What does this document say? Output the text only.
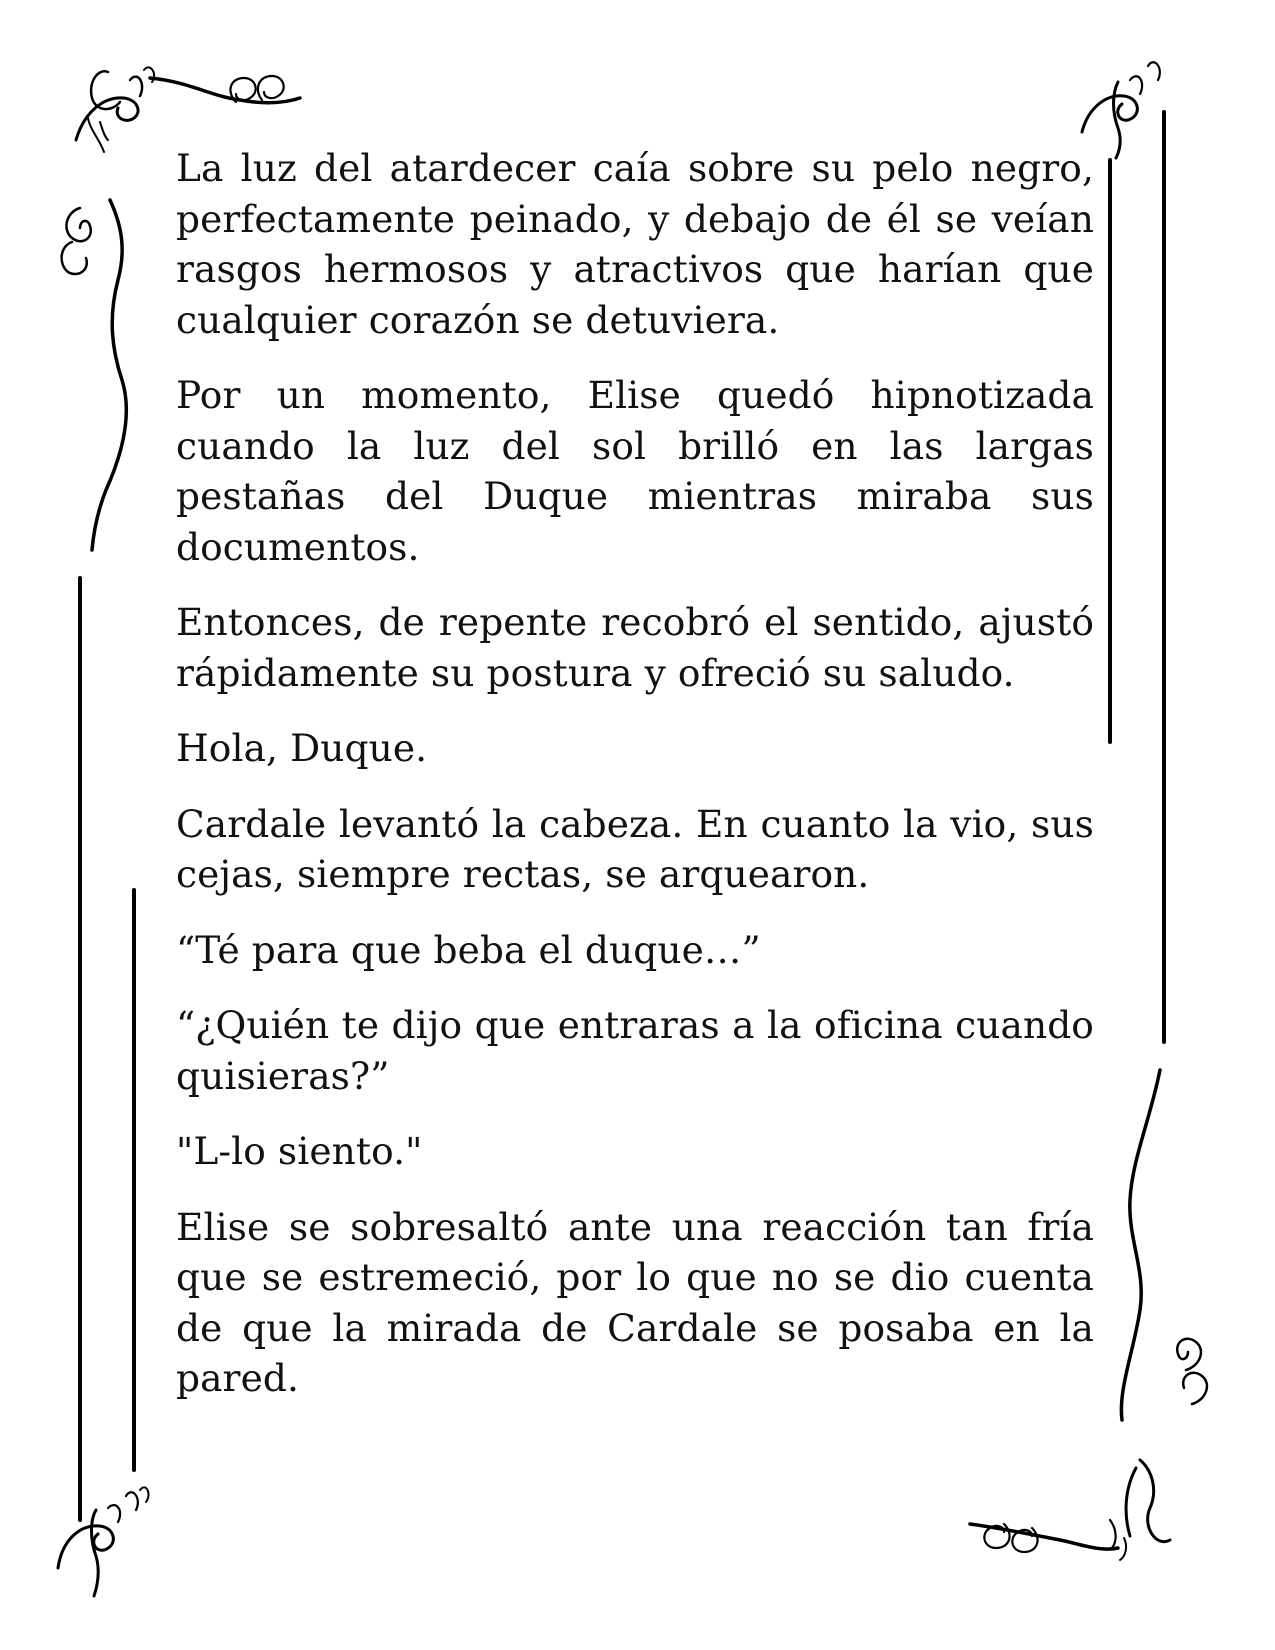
La luz del atardecer caía sobre su pelo negro, perfectamente peinado, y debajo de él se veían rasgos hermosos y atractivos que harían que cualquier corazón se detuviera.

Por un momento, Elise quedó hipnotizada cuando la luz del sol brilló en las largas pestañas del Duque mientras miraba sus documentos.

Entonces, de repente recobró el sentido, ajustó rápidamente su postura y ofreció su saludo.

Hola, Duque.

Cardale levantó la cabeza. En cuanto la vio, sus cejas, siempre rectas, se arquearon.

“Té para que beba el duque…”

“¿Quién te dijo que entraras a la oficina cuando quisieras?”

"L-lo siento."

Elise se sobresaltó ante una reacción tan fría que se estremeció, por lo que no se dio cuenta de que la mirada de Cardale se posaba en la pared.
